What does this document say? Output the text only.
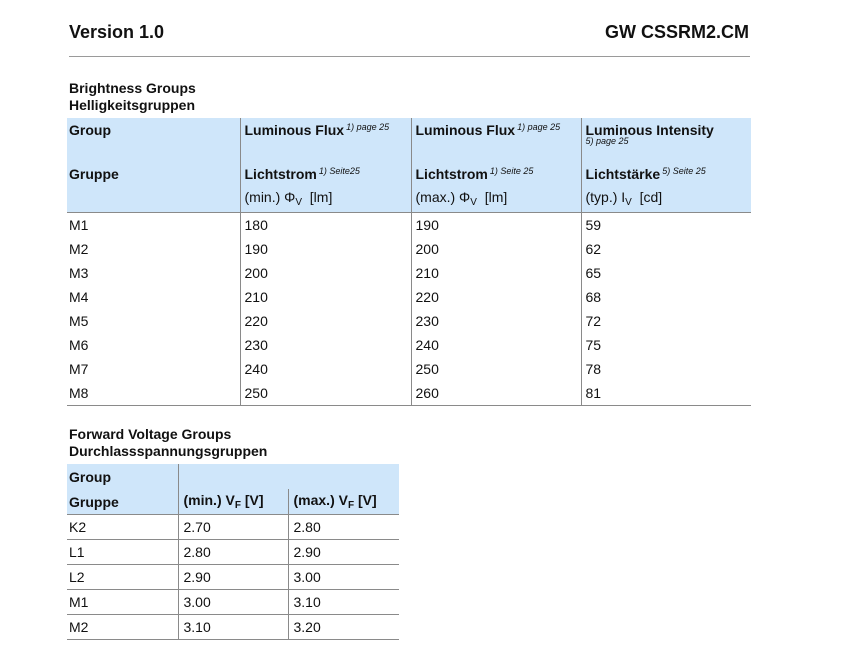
Version 1.0	GW CSSRM2.CM
Brightness Groups
Helligkeitsgruppen
Group	Luminous Flux $^{1) page 25}$	Luminous Flux $^{1) page 25}$	Luminous Intensity
5) page 25

Gruppe	Lichtstrom $^{1) Seite25}$	Lichtstrom $^{1) Seite 25}$	Lichtstärke $^{5) Seite 25}$
	(min.) $\Phi_V$ [lm]	(max.) $\Phi_V$ [lm]	(typ.) $I_V$ [cd]
M1	180	190	59
M2	190	200	62
M3	200	210	65
M4	210	220	68
M5	220	230	72
M6	230	240	75
M7	240	250	78
M8	250	260	81
Forward Voltage Groups
Durchlassspannungsgruppen
Group		
Gruppe	(min.) $V_F$ [V]	(max.) $V_F$ [V]
K2	2.70	2.80
L1	2.80	2.90
L2	2.90	3.00
M1	3.00	3.10
M2	3.10	3.20
